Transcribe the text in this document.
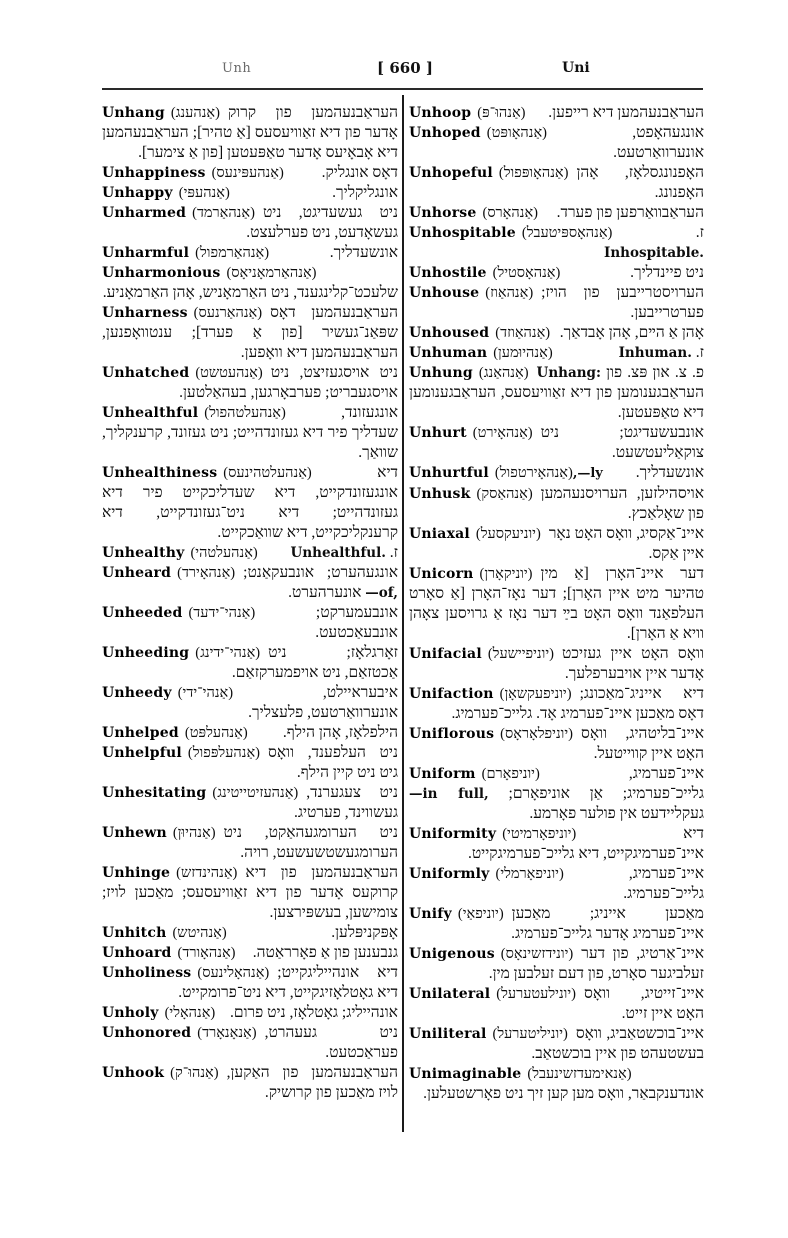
Unh	[ 660 ]	Uni
Unhang (אַנהענג) העראַבנעהמען פון קרוק אָדער פון דיא זאַוויעסעס [אַ טהיר]; העראַבנעהמען דיא אָבאָיעס אָדער טאַפּעטען [פון אַ צימער].
Unhappiness (אַנהעפּינעס) דאָס אונגליק.
Unhappy (אַנהעפּי)	אונגליקליך.
Unharmed (אַנהאַרמד) ניט געשעדיגט, ניט געשאָדעט, ניט פערלעצט.
Unharmful (אַנהאַרמפול)	אונשעדליך.
Unharmonious (אַנהאַרמאָניאָס)
שלעכט־קלינגענד, ניט האַרמאָניש, אָהן האַרמאָניע.
Unharness (אַנהאַרנעס) העראַבנעהמען דאָס שפּאַנ־געשיר [פון אַ פערד]; ענטוואָפנען, העראַבנעהמען דיא וואָפען.
Unhatched (אַנהעטשט) ניט אויסגעזיצט, ניט אויסגעבריט; פערבאָרגען, בעהאַלטען.
Unhealthful (אַנהעלטהפול)	אונגעזונד, שעדליך פיר דיא געזונדהייט; ניט געזונד, קרענקליך, שוואַך.
Unhealthiness (אַנהעלטהינעס)	דיא אונגעזונדקייט, דיא שעדליכקייט פיר דיא געזונדהייט; דיא ניט־געזונדקייט, דיא קרענקליכקייט, דיא שוואַכקייט.
Unhealthy (אַנהעלטהי)	ז. Unhealthful.
Unheard (אַנהאָירד) אונגעהערט; אונבעקאַנט; —of, אונערהערט.
Unheeded (אַנהי־ידעד)	אונבעמערקט; אונבעאַכטעט.
Unheeding (אַנהי־ידינג) זאָרגלאָז; ניט אַכטזאַם, ניט אויפמערקזאַם.
Unheedy (אַנהי־ידי)	איבעראיילט, אונערוואַרטעט, פלעצליך.
Unhelped (אַנהעלפּט) הילפלאָז, אָהן הילף.
Unhelpful (אַנהעלפּפול) ניט העלפענד, וואָס גיט ניט קיין הילף.
Unhesitating (אַנהעזיטייטינג) ניט צעגערנד, געשווינד, פערטיג.
Unhewn (אַנהיוּן) ניט הערומגעהאַקט, ניט הערומגעשטשעשעט, רויה.
Unhinge (אַנהינדזש) העראַבנעהמען פון דיא קרוקעס אָדער פון דיא זאַוויעסעס; מאַכען לויז; צומישען, בעשפּירצען.
Unhitch (אַנהיטש)	אָפּקניפּלען.
Unhoard (אַנהאָורד) גנבענען פון אַ פאָרראַטה.
Unholiness (אַנהאָלינעס) דיא אונהייליגקייט; דיא גאָטלאָזיגקייט, דיא ניט־פרומקייט.
Unholy (אַנהאָלי) אונהייליג; גאָטלאָז, ניט פרום.
Unhonored (אַנאָנאָרד) ניט געעהרט, פעראַכטעט.
Unhook (אַנהוּ־ק) העראַבנעהמען פון האַקען, לויז מאַכען פון קרושיק.
Unhoop (אַנהוּ־פּ) העראַבנעהמען דיא רייפען.
Unhoped (אַנהאָופּט)	אונגעהאָפט, אונערוואַרטעט.
Unhopeful (אַנהאָופּפול) האָפנונגסלאָז, אָהן האָפנונג.
Unhorse (אַנהאָרס) העראַבוואַרפען פון פערד.
Unhospitable (אַנהאָספּיטעבל)	ז. Inhospitable.
Unhostile (אַנהאָסטיל)	ניט פיינדליך.
Unhouse (אַנהאַוז) הערויסטרייבען פון הויז; פערטרייבען.
Unhoused (אַנהאַוזד) אָהן אַ הײם, אָהן אָבדאַך.
Unhuman (אַנהיוּמען)	ז. Inhuman.
Unhung (אַנהאַנג)	פ. צ. און פּצ. פון Unhang: העראַבגענומען פון דיא זאַוויעסעס, העראַבגענומען דיא טאַפּעטען.
Unhurt (אַנהאָירט) אונבעשעדיגט; ניט צוקאַליעטשעט.
Unhurtful (אַנהאָירטפול),—ly אונשעדליך.
Unhusk (אַנהאַסק) אויסהילזען, הערויסנעהמען פון שאָלאַכץ.
Uniaxal (יוניעקסעל) איינ־אַקסיג, וואָס האָט נאָר איין אַקס.
Unicorn (יוניקאָרן) דער איינ־האָרן [אַ מין טהיער מיט איין האָרן]; דער נאָז־האָרן [אַ סאָרט העלפאַנד וואָס האָט בײַ דער נאָז אַ גרויסען צאָהן וויא אַ האָרן].
Unifacial (יוניפיישעל) וואָס האָט איין געזיכט אָדער איין אויבערפלעך.
Unifaction (יוניפעקשאָן) דיא אייניג־מאַכונג; דאָס מאַכען איינ־פערמיג אָד. גלייכ־פערמיג.
Uniflorous (יוניפלאָראָס) איינ־בליטהיג, וואָס האָט איין קווייטעל.
Uniform (יוניפאָרם)	איינ־פערמיג, גלייכ־פערמיג; אַן אוניפאָרם; —in full, געקליידעט אין פולער פאָרמע.
Uniformity (יוניפאָרמיטי)	דיא איינ־פערמיגקייט, דיא גלייכ־פערמיגקייט.
Uniformly (יוניפאָרמלי)	איינ־פערמיג, גלייכ־פערמיג.
Unify (יוניפאַי) מאַכען אייניג; מאַכען איינ־פערמיג אָדער גלייכ־פערמיג.
Unigenous (יונידזשינאָס) איינ־אַרטיג, פון דער זעלביגער סאָרט, פון דעם זעלבען מין.
Unilateral (יונילעטערעל) איינ־זייטיג, וואָס האָט איין זייט.
Uniliteral (יוניליטערעל) איינ־בוכשטאַביג, וואָס בעשטעהט פון איין בוכשטאַב.
Unimaginable (אַנאימעדזשינעבל)
אונדענקבאַר, וואָס מען קען זיך ניט פאָרשטעלען.
